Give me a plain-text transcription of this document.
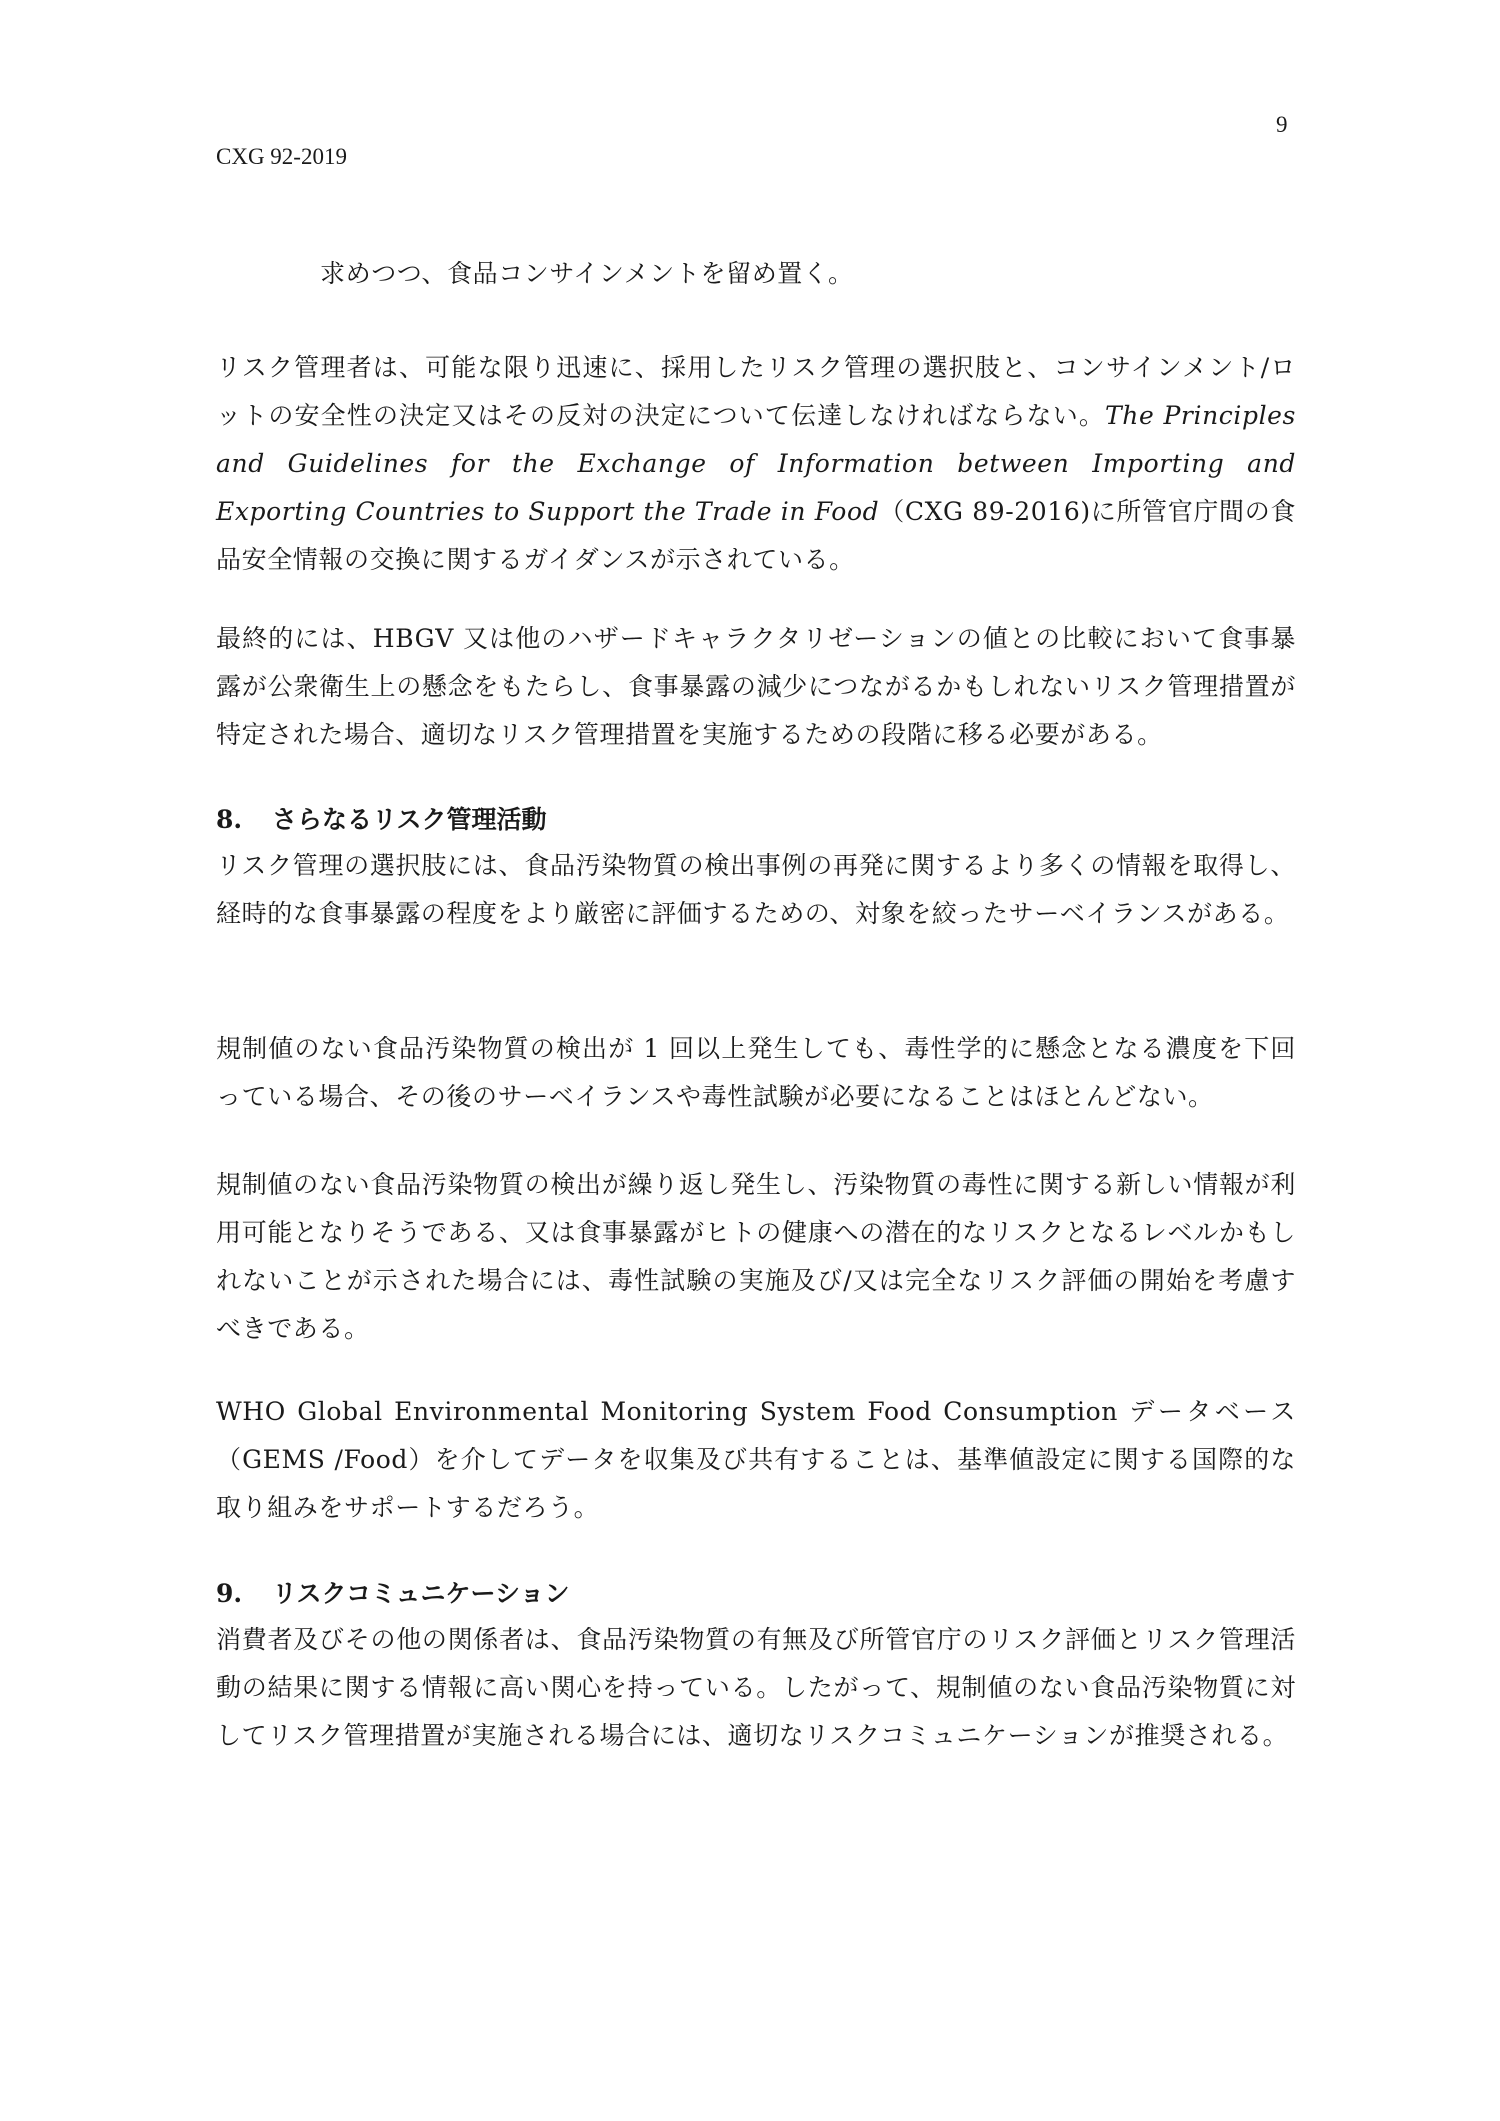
9
CXG 92-2019

求めつつ、食品コンサインメントを留め置く。

リスク管理者は、可能な限り迅速に、採用したリスク管理の選択肢と、コンサインメント/ロットの安全性の決定又はその反対の決定について伝達しなければならない。The Principles and Guidelines for the Exchange of Information between Importing and Exporting Countries to Support the Trade in Food（CXG 89-2016)に所管官庁間の食品安全情報の交換に関するガイダンスが示されている。

最終的には、HBGV 又は他のハザードキャラクタリゼーションの値との比較において食事暴露が公衆衛生上の懸念をもたらし、食事暴露の減少につながるかもしれないリスク管理措置が特定された場合、適切なリスク管理措置を実施するための段階に移る必要がある。

8. さらなるリスク管理活動

リスク管理の選択肢には、食品汚染物質の検出事例の再発に関するより多くの情報を取得し、経時的な食事暴露の程度をより厳密に評価するための、対象を絞ったサーベイランスがある。

規制値のない食品汚染物質の検出が 1 回以上発生しても、毒性学的に懸念となる濃度を下回っている場合、その後のサーベイランスや毒性試験が必要になることはほとんどない。

規制値のない食品汚染物質の検出が繰り返し発生し、汚染物質の毒性に関する新しい情報が利用可能となりそうである、又は食事暴露がヒトの健康への潜在的なリスクとなるレベルかもしれないことが示された場合には、毒性試験の実施及び/又は完全なリスク評価の開始を考慮すべきである。

WHO Global Environmental Monitoring System Food Consumption データベース（GEMS /Food）を介してデータを収集及び共有することは、基準値設定に関する国際的な取り組みをサポートするだろう。

9. リスクコミュニケーション

消費者及びその他の関係者は、食品汚染物質の有無及び所管官庁のリスク評価とリスク管理活動の結果に関する情報に高い関心を持っている。したがって、規制値のない食品汚染物質に対してリスク管理措置が実施される場合には、適切なリスクコミュニケーションが推奨される。
